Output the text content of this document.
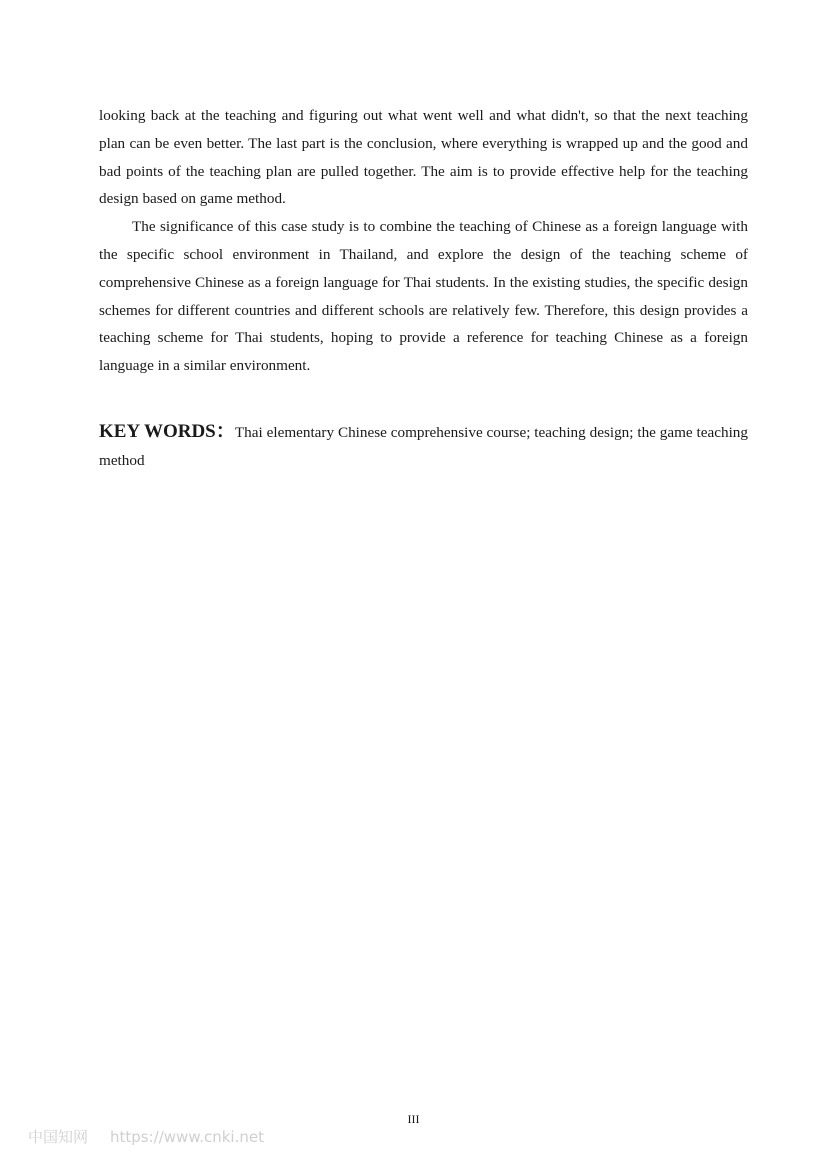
looking back at the teaching and figuring out what went well and what didn't, so that the next teaching plan can be even better. The last part is the conclusion, where everything is wrapped up and the good and bad points of the teaching plan are pulled together. The aim is to provide effective help for the teaching design based on game method.

The significance of this case study is to combine the teaching of Chinese as a foreign language with the specific school environment in Thailand, and explore the design of the teaching scheme of comprehensive Chinese as a foreign language for Thai students. In the existing studies, the specific design schemes for different countries and different schools are relatively few. Therefore, this design provides a teaching scheme for Thai students, hoping to provide a reference for teaching Chinese as a foreign language in a similar environment.

KEY WORDS：Thai elementary Chinese comprehensive course; teaching design; the game teaching method

III
中国知网 https://www.cnki.net
